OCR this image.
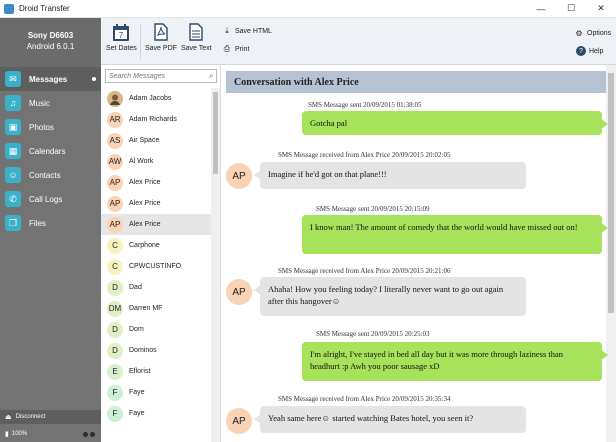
Droid Transfer	—	☐	✕
Sony D6603
Android 6.0.1
✉	Messages
♫	Music
▣	Photos
▦	Calendars
☺	Contacts
✆	Call Logs
❐	Files
⏏ Disconnect
▮ 100%
7
Set Dates Save PDF Save Text
⤓ Save HTML
⎙ Print
⚙ Options
? Help
Search Messages
⌕
Adam Jacobs
AR	Adam Richards
AS	Air Space
AW Al Work
AP	Alex Price
AP	Alex Price
AP	Alex Price
C	Carphone
C	CPWCUSTINFO
D	Dad
DM Darren MF
D	Dom
D	Dominos
E	Eflorist
F	Faye
F	Faye
Conversation with Alex Price
SMS Message sent 20/09/2015 01:38:05
Gotcha pal
SMS Message received from Alex Price 20/09/2015 20:02:05
Imagine if he'd got on that plane!!!
AP
SMS Message sent 20/09/2015 20:15:09
I know man! The amount of comedy that the world would have missed out on!
SMS Message received from Alex Price 20/09/2015 20:21:06
Ahaha! How you feeling today? I literally never want to go out again after this hangover☺
AP
SMS Message sent 20/09/2015 20:25:03
I'm alright, I've stayed in bed all day but it was more through laziness than headhurt :p Awh you poor sausage xD
SMS Message received from Alex Price 20/09/2015 20:35:34
Yeah same here☺ started watching Bates hotel, you seen it?
AP
